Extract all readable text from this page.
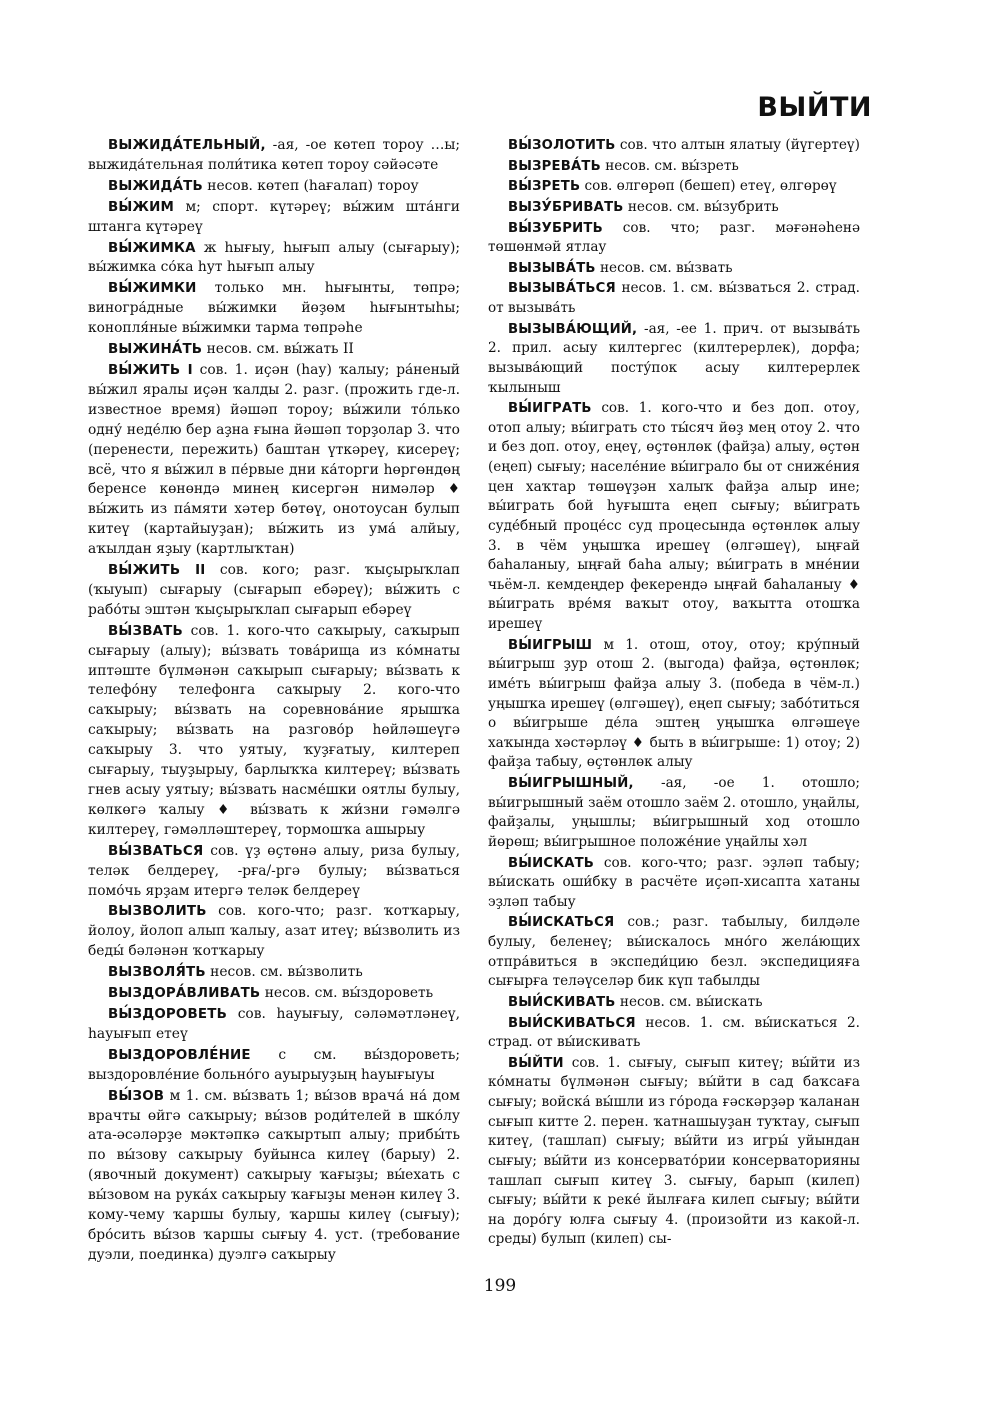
ВЫЙТИ

ВЫЖИДА́ТЕЛЬНЫЙ, -ая, -ое көтеп тороу …ы; выжида́тельная поли́тика көтеп тороу сәйәсәте

ВЫЖИДА́ТЬ несов. көтеп (һағалап) тороу

ВЫ́ЖИМ м; спорт. күтәреү; вы́жим шта́нги штанга күтәреү

ВЫ́ЖИМКА ж һығыу, һығып алыу (сығарыу); вы́жимка со́ка һут һығып алыу

ВЫ́ЖИМКИ только мн. һығынты, төпрә; виногра́дные вы́жимки йөҙөм һығынтыһы; конопля́ные вы́жимки тарма төпрәһе

ВЫЖИНА́ТЬ несов. см. вы́жать II

ВЫ́ЖИТЬ I сов. 1. иҫән (һау) ҡалыу; ра́неный вы́жил яралы иҫән ҡалды 2. разг. (прожить где-л. известное время) йәшәп тороу; вы́жили то́лько одну́ неде́лю бер аҙна ғына йәшәп торҙолар 3. что (перенести, пережить) баштан үткәреү, кисереү; всё, что я вы́жил в пе́рвые дни ка́торги һөргөндөң беренсе көнөндә минең кисергән нимәләр ♦ вы́жить из па́мяти хәтер бөтөү, онотоусан булып китеү (картайыуҙан); вы́жить из ума́ алйыу, аҡылдан яҙыу (картлыҡтан)

ВЫ́ЖИТЬ II сов. кого; разг. ҡыҫырыҡлап (ҡыуып) сығарыу (сығарып ебәреү); вы́жить с рабо́ты эштән ҡыҫырыҡлап сығарып ебәреү

ВЫ́ЗВАТЬ сов. 1. кого-что саҡырыу, саҡырып сығарыу (алыу); вы́звать това́рища из ко́мнаты иптәште бүлмәнән саҡырып сығарыу; вы́звать к телефо́ну телефонга саҡырыу 2. кого-что саҡырыу; вы́звать на соревнова́ние ярышҡа саҡырыу; вы́звать на разгово́р һөйләшеүгә саҡырыу 3. что уятыу, ҡуҙғатыу, килтереп сығарыу, тыуҙырыу, барлыҡҡа килтереү; вы́звать гнев асыу уятыу; вы́звать насме́шки оятлы булыу, көлкөгә ҡалыу ♦ вы́звать к жи́зни гәмәлгә килтереү, гәмәлләштереү, тормошҡа ашырыу

ВЫ́ЗВАТЬСЯ сов. үҙ өҫтөнә алыу, риза булыу, теләк белдереү, -рға/-ргә булыу; вы́зваться помо́чь ярҙам итергә теләк белдереү

ВЫЗВОЛИТЬ сов. кого-что; разг. ҡотҡарыу, йолоу, йолоп алып ҡалыу, азат итеү; вы́зволить из беды́ бәләнән ҡотҡарыу

ВЫЗВОЛЯ́ТЬ несов. см. вы́зволить

ВЫЗДОРА́ВЛИВАТЬ несов. см. вы́здороветь

ВЫ́ЗДОРОВЕТЬ сов. һауығыу, сәләмәтләнеү, һауығып етеү

ВЫЗДОРОВЛЕ́НИЕ с см. вы́здороветь; выздоровле́ние больно́го ауырыуҙың һауығыуы

ВЫ́ЗОВ м 1. см. вы́звать 1; вы́зов врача́ на́ дом врачты өйгә саҡырыу; вы́зов роди́телей в шко́лу ата-әсәләрҙе мәктәпкә саҡыртып алыу; прибы́ть по вы́зову саҡырыу буйынса килеү (барыу) 2. (явочный документ) саҡырыу ҡағыҙы; вы́ехать с вы́зовом на рука́х саҡырыу ҡағыҙы менән килеү 3. кому-чему ҡаршы булыу, ҡаршы килеү (сығыу); бро́сить вы́зов ҡаршы сығыу 4. уст. (требование дуэли, поединка) дуэлгә саҡырыу

ВЫ́ЗОЛОТИТЬ сов. что алтын ялатыу (йүгертеү)

ВЫЗРЕВА́ТЬ несов. см. вы́зреть

ВЫ́ЗРЕТЬ сов. өлгөрөп (бешеп) етеү, өлгөрөү

ВЫЗУ́БРИВАТЬ несов. см. вы́зубрить

ВЫ́ЗУБРИТЬ сов. что; разг. мәғәнәһенә төшөнмәй ятлау

ВЫЗЫВА́ТЬ несов. см. вы́звать

ВЫЗЫВА́ТЬСЯ несов. 1. см. вы́зваться 2. страд. от вызыва́ть

ВЫЗЫВА́ЮЩИЙ, -ая, -ее 1. прич. от вызыва́ть 2. прил. асыу килтергес (килтерерлек), дорфа; вызыва́ющий посту́пок асыу килтерерлек ҡылыныш

ВЫ́ИГРАТЬ сов. 1. кого-что и без доп. отоу, отоп алыу; вы́играть сто ты́сяч йөҙ мең отоу 2. что и без доп. отоу, еңеү, өҫтөнлөк (файҙа) алыу, өҫтөн (еңеп) сығыу; населе́ние вы́играло бы от сниже́ния цен хаҡтар төшөүҙән халыҡ файҙа алыр ине; вы́играть бой һуғышта еңеп сығыу; вы́играть суде́бный проце́сс суд процесында өҫтөнлөк алыу 3. в чём уңышҡа ирешеү (өлгәшеү), ыңғай баһаланыу, ыңғай баһа алыу; вы́играть в мне́нии чьём-л. кемдеңдер фекерендә ыңғай баһаланыу ♦ вы́играть вре́мя ваҡыт отоу, ваҡытта отошҡа ирешеү

ВЫ́ИГРЫШ м 1. отош, отоу, отоу; кру́пный вы́игрыш ҙур отош 2. (выгода) файҙа, өҫтөнлөк; име́ть вы́игрыш файҙа алыу 3. (победа в чём-л.) уңышҡа ирешеү (өлгәшеү), еңеп сығыу; забо́титься о вы́игрыше де́ла эштең уңышҡа өлгәшеүе хаҡында хәстәрләү ♦ быть в вы́игрыше: 1) отоу; 2) файҙа табыу, өҫтөнлөк алыу

ВЫ́ИГРЫШНЫЙ, -ая, -ое 1. отошло; вы́игрышный заём отошло заём 2. отошло, уңайлы, файҙалы, уңышлы; вы́игрышный ход отошло йөрөш; вы́игрышное положе́ние уңайлы хәл

ВЫ́ИСКАТЬ сов. кого-что; разг. эҙләп табыу; вы́искать оши́бку в расчёте иҫәп-хисапта хатаны эҙләп табыу

ВЫ́ИСКАТЬСЯ сов.; разг. табылыу, билдәле булыу, беленеү; вы́искалось мно́го жела́ющих отпра́виться в экспеди́цию безл. экспедицияға сығырға теләүселәр бик күп табылды

ВЫИ́СКИВАТЬ несов. см. вы́искать

ВЫИ́СКИВАТЬСЯ несов. 1. см. вы́искаться 2. страд. от вы́искивать

ВЫ́ЙТИ сов. 1. сығыу, сығып китеү; вы́йти из ко́мнаты бүлмәнән сығыу; вы́йти в сад баҡсаға сығыу; войска́ вы́шли из го́рода ғәскәрҙәр ҡаланан сығып китте 2. перен. ҡатнашыуҙан туҡтау, сығып китеү, (ташлап) сығыу; вы́йти из игры́ уйындан сығыу; вы́йти из консервато́рии консерваторияны ташлап сығып китеү 3. сығыу, барып (килеп) сығыу; вы́йти к реке́ йылғаға килеп сығыу; вы́йти на доро́гу юлға сығыу 4. (произойти из какой-л. среды) булып (килеп) сы-

199
